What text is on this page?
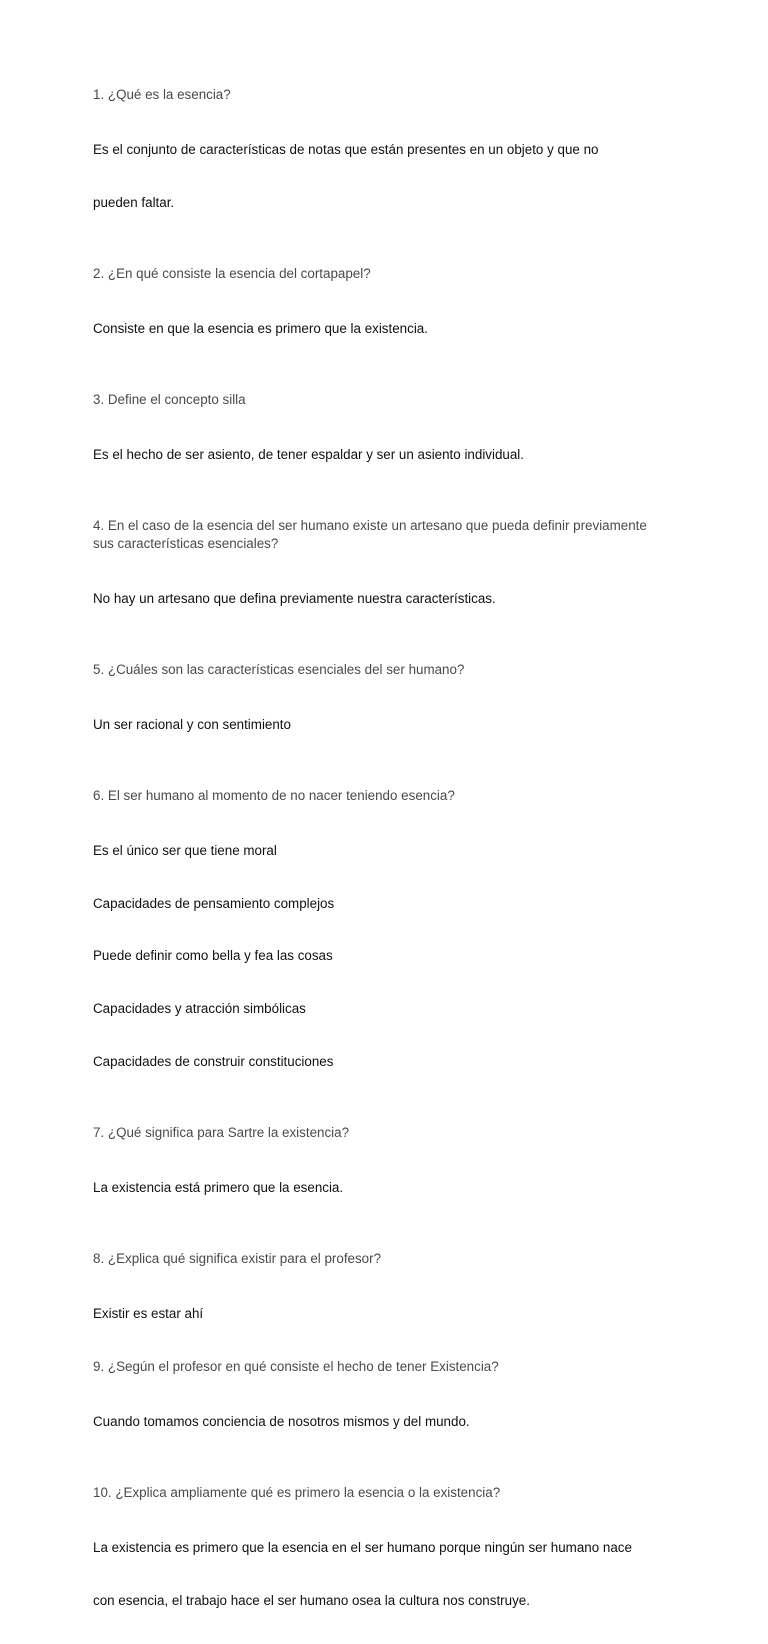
1. ¿Qué es la esencia?

Es el conjunto de características de notas que están presentes en un objeto y que no

pueden faltar.

2. ¿En qué consiste la esencia del cortapapel?

Consiste en que la esencia es primero que la existencia.

3. Define el concepto silla

Es el hecho de ser asiento, de tener espaldar y ser un asiento individual.

4. En el caso de la esencia del ser humano existe un artesano que pueda definir previamente
sus características esenciales?

No hay un artesano que defina previamente nuestra características.

5. ¿Cuáles son las características esenciales del ser humano?

Un ser racional y con sentimiento

6. El ser humano al momento de no nacer teniendo esencia?

Es el único ser que tiene moral

Capacidades de pensamiento complejos

Puede definir como bella y fea las cosas

Capacidades y atracción simbólicas

Capacidades de construir constituciones

7. ¿Qué significa para Sartre la existencia?

La existencia está primero que la esencia.

8. ¿Explica qué significa existir para el profesor?

Existir es estar ahí

9. ¿Según el profesor en qué consiste el hecho de tener Existencia?

Cuando tomamos conciencia de nosotros mismos y del mundo.

10. ¿Explica ampliamente qué es primero la esencia o la existencia?

La existencia es primero que la esencia en el ser humano porque ningún ser humano nace

con esencia, el trabajo hace el ser humano osea la cultura nos construye.
